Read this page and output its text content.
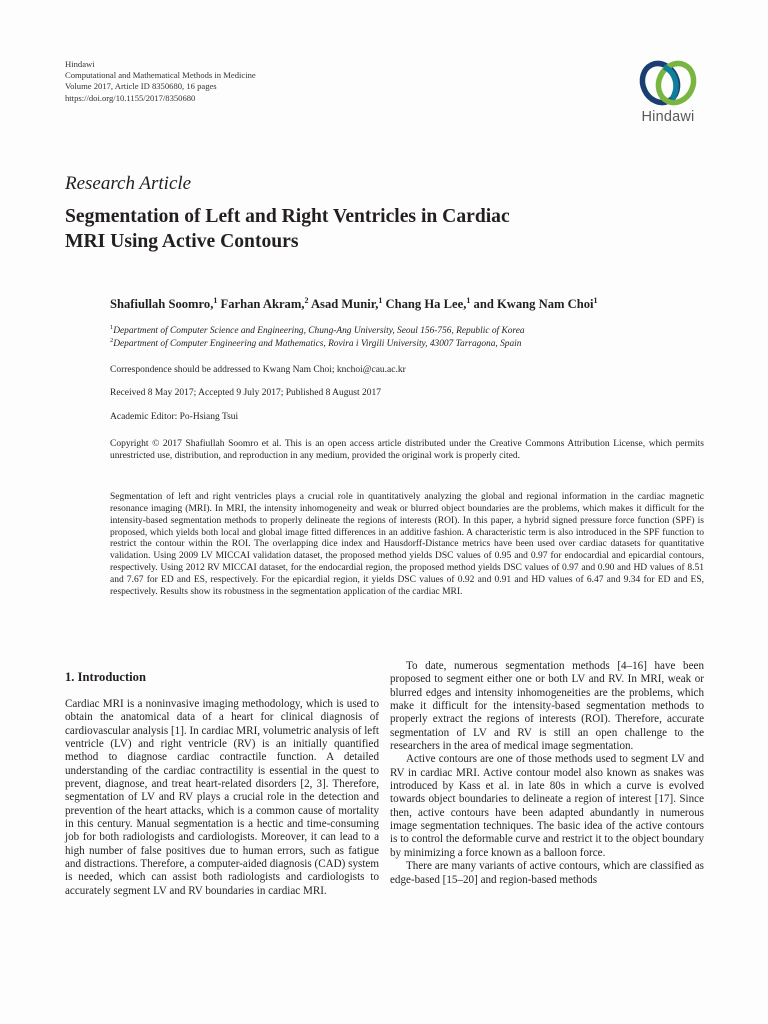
Hindawi
Computational and Mathematical Methods in Medicine
Volume 2017, Article ID 8350680, 16 pages
https://doi.org/10.1155/2017/8350680
Hindawi
Research Article
Segmentation of Left and Right Ventricles in Cardiac
MRI Using Active Contours
Shafiullah Soomro,$^1$ Farhan Akram,$^2$ Asad Munir,$^1$ Chang Ha Lee,$^1$ and Kwang Nam Choi$^1$
$^1$Department of Computer Science and Engineering, Chung-Ang University, Seoul 156-756, Republic of Korea
$^2$Department of Computer Engineering and Mathematics, Rovira i Virgili University, 43007 Tarragona, Spain
Correspondence should be addressed to Kwang Nam Choi; knchoi@cau.ac.kr
Received 8 May 2017; Accepted 9 July 2017; Published 8 August 2017
Academic Editor: Po-Hsiang Tsui
Copyright © 2017 Shafiullah Soomro et al. This is an open access article distributed under the Creative Commons Attribution License, which permits unrestricted use, distribution, and reproduction in any medium, provided the original work is properly cited.
Segmentation of left and right ventricles plays a crucial role in quantitatively analyzing the global and regional information in the cardiac magnetic resonance imaging (MRI). In MRI, the intensity inhomogeneity and weak or blurred object boundaries are the problems, which makes it difficult for the intensity-based segmentation methods to properly delineate the regions of interests (ROI). In this paper, a hybrid signed pressure force function (SPF) is proposed, which yields both local and global image fitted differences in an additive fashion. A characteristic term is also introduced in the SPF function to restrict the contour within the ROI. The overlapping dice index and Hausdorff-Distance metrics have been used over cardiac datasets for quantitative validation. Using 2009 LV MICCAI validation dataset, the proposed method yields DSC values of 0.95 and 0.97 for endocardial and epicardial contours, respectively. Using 2012 RV MICCAI dataset, for the endocardial region, the proposed method yields DSC values of 0.97 and 0.90 and HD values of 8.51 and 7.67 for ED and ES, respectively. For the epicardial region, it yields DSC values of 0.92 and 0.91 and HD values of 6.47 and 9.34 for ED and ES, respectively. Results show its robustness in the segmentation application of the cardiac MRI.
1. Introduction

Cardiac MRI is a noninvasive imaging methodology, which is used to obtain the anatomical data of a heart for clinical diagnosis of cardiovascular analysis [1]. In cardiac MRI, volumetric analysis of left ventricle (LV) and right ventricle (RV) is an initially quantified method to diagnose cardiac contractile function. A detailed understanding of the cardiac contractility is essential in the quest to prevent, diagnose, and treat heart-related disorders [2, 3]. Therefore, segmentation of LV and RV plays a crucial role in the detection and prevention of the heart attacks, which is a common cause of mortality in this century. Manual segmentation is a hectic and time-consuming job for both radiologists and cardiologists. Moreover, it can lead to a high number of false positives due to human errors, such as fatigue and distractions. Therefore, a computer-aided diagnosis (CAD) system is needed, which can assist both radiologists and cardiologists to accurately segment LV and RV boundaries in cardiac MRI.

To date, numerous segmentation methods [4–16] have been proposed to segment either one or both LV and RV. In MRI, weak or blurred edges and intensity inhomogeneities are the problems, which make it difficult for the intensity-based segmentation methods to properly extract the regions of interests (ROI). Therefore, accurate segmentation of LV and RV is still an open challenge to the researchers in the area of medical image segmentation.

Active contours are one of those methods used to segment LV and RV in cardiac MRI. Active contour model also known as snakes was introduced by Kass et al. in late 80s in which a curve is evolved towards object boundaries to delineate a region of interest [17]. Since then, active contours have been adapted abundantly in numerous image segmentation techniques. The basic idea of the active contours is to control the deformable curve and restrict it to the object boundary by minimizing a force known as a balloon force.

There are many variants of active contours, which are classified as edge-based [15–20] and region-based methods
